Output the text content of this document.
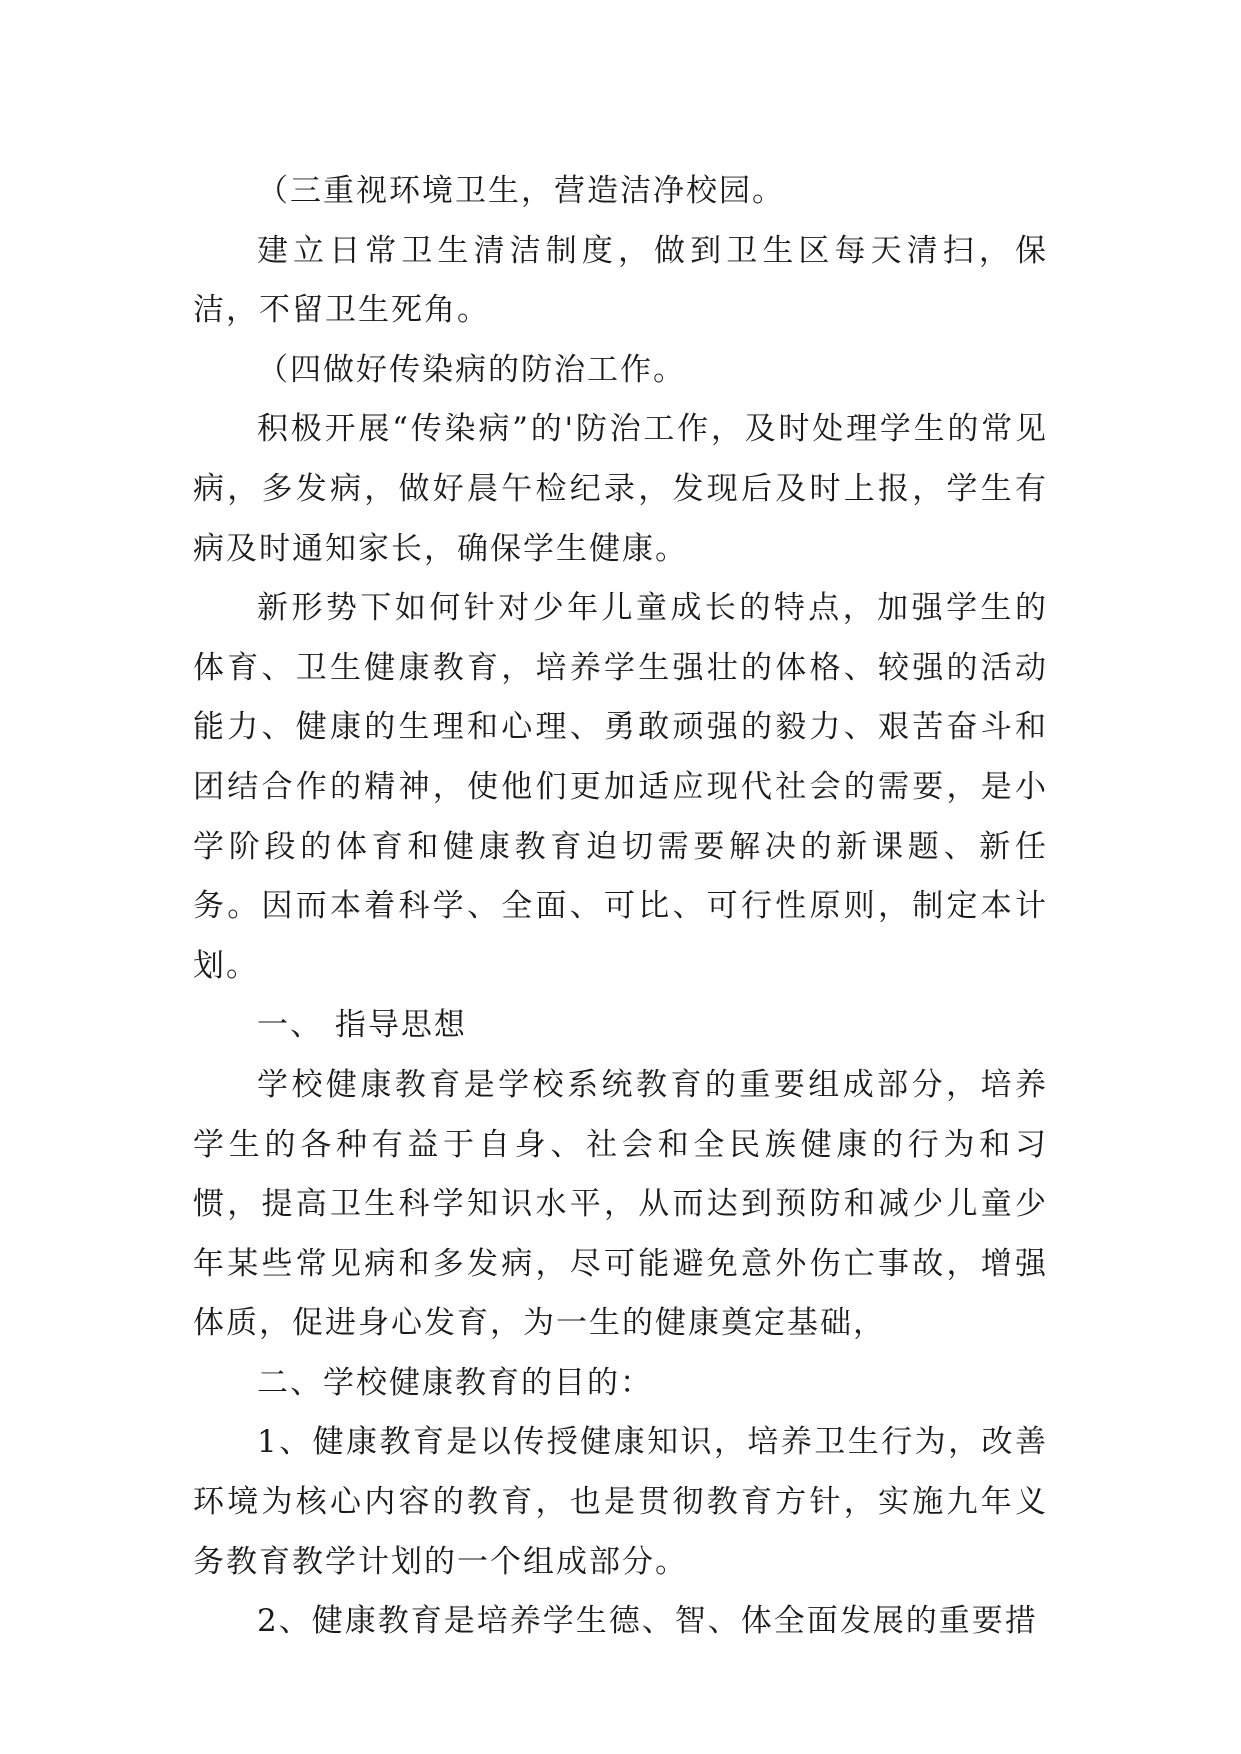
（三重视环境卫生，营造洁净校园。

建立日常卫生清洁制度，做到卫生区每天清扫，保洁，不留卫生死角。

（四做好传染病的防治工作。

积极开展“传染病”的'防治工作，及时处理学生的常见病，多发病，做好晨午检纪录，发现后及时上报，学生有病及时通知家长，确保学生健康。

新形势下如何针对少年儿童成长的特点，加强学生的体育、卫生健康教育，培养学生强壮的体格、较强的活动能力、健康的生理和心理、勇敢顽强的毅力、艰苦奋斗和团结合作的精神，使他们更加适应现代社会的需要，是小学阶段的体育和健康教育迫切需要解决的新课题、新任务。因而本着科学、全面、可比、可行性原则，制定本计划。

一、 指导思想

学校健康教育是学校系统教育的重要组成部分，培养学生的各种有益于自身、社会和全民族健康的行为和习惯，提高卫生科学知识水平，从而达到预防和减少儿童少年某些常见病和多发病，尽可能避免意外伤亡事故，增强体质，促进身心发育，为一生的健康奠定基础，

二、学校健康教育的目的：

1、健康教育是以传授健康知识，培养卫生行为，改善环境为核心内容的教育，也是贯彻教育方针，实施九年义务教育教学计划的一个组成部分。

2、健康教育是培养学生德、智、体全面发展的重要措
